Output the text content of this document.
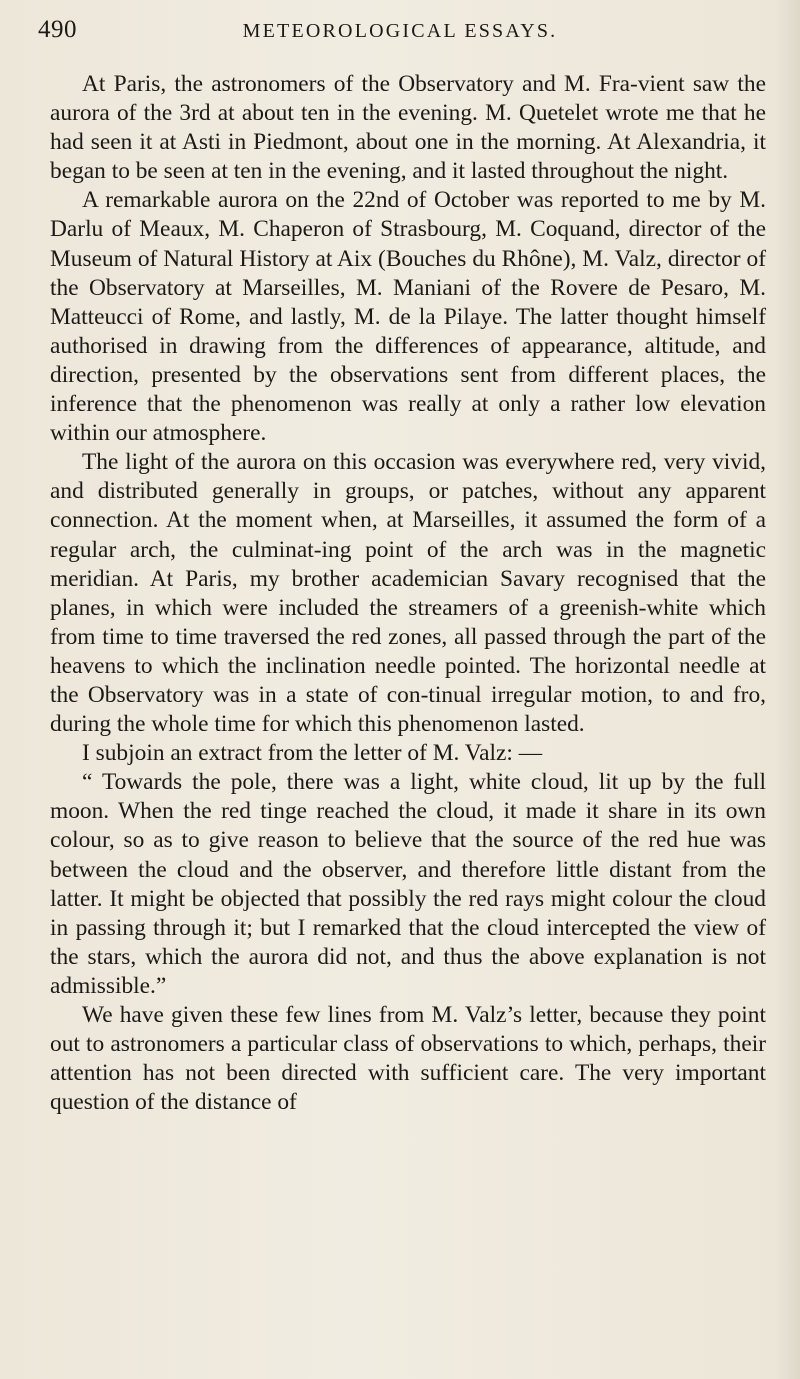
490	METEOROLOGICAL ESSAYS.

At Paris, the astronomers of the Observatory and M. Fra-vient saw the aurora of the 3rd at about ten in the evening. M. Quetelet wrote me that he had seen it at Asti in Piedmont, about one in the morning. At Alexandria, it began to be seen at ten in the evening, and it lasted throughout the night.

A remarkable aurora on the 22nd of October was reported to me by M. Darlu of Meaux, M. Chaperon of Strasbourg, M. Coquand, director of the Museum of Natural History at Aix (Bouches du Rhône), M. Valz, director of the Observatory at Marseilles, M. Maniani of the Rovere de Pesaro, M. Matteucci of Rome, and lastly, M. de la Pilaye. The latter thought himself authorised in drawing from the differences of appearance, altitude, and direction, presented by the observations sent from different places, the inference that the phenomenon was really at only a rather low elevation within our atmosphere.

The light of the aurora on this occasion was everywhere red, very vivid, and distributed generally in groups, or patches, without any apparent connection. At the moment when, at Marseilles, it assumed the form of a regular arch, the culminat-ing point of the arch was in the magnetic meridian. At Paris, my brother academician Savary recognised that the planes, in which were included the streamers of a greenish-white which from time to time traversed the red zones, all passed through the part of the heavens to which the inclination needle pointed. The horizontal needle at the Observatory was in a state of con-tinual irregular motion, to and fro, during the whole time for which this phenomenon lasted.

I subjoin an extract from the letter of M. Valz: —

“ Towards the pole, there was a light, white cloud, lit up by the full moon. When the red tinge reached the cloud, it made it share in its own colour, so as to give reason to believe that the source of the red hue was between the cloud and the observer, and therefore little distant from the latter. It might be objected that possibly the red rays might colour the cloud in passing through it; but I remarked that the cloud intercepted the view of the stars, which the aurora did not, and thus the above explanation is not admissible.”

We have given these few lines from M. Valz’s letter, because they point out to astronomers a particular class of observations to which, perhaps, their attention has not been directed with sufficient care. The very important question of the distance of
